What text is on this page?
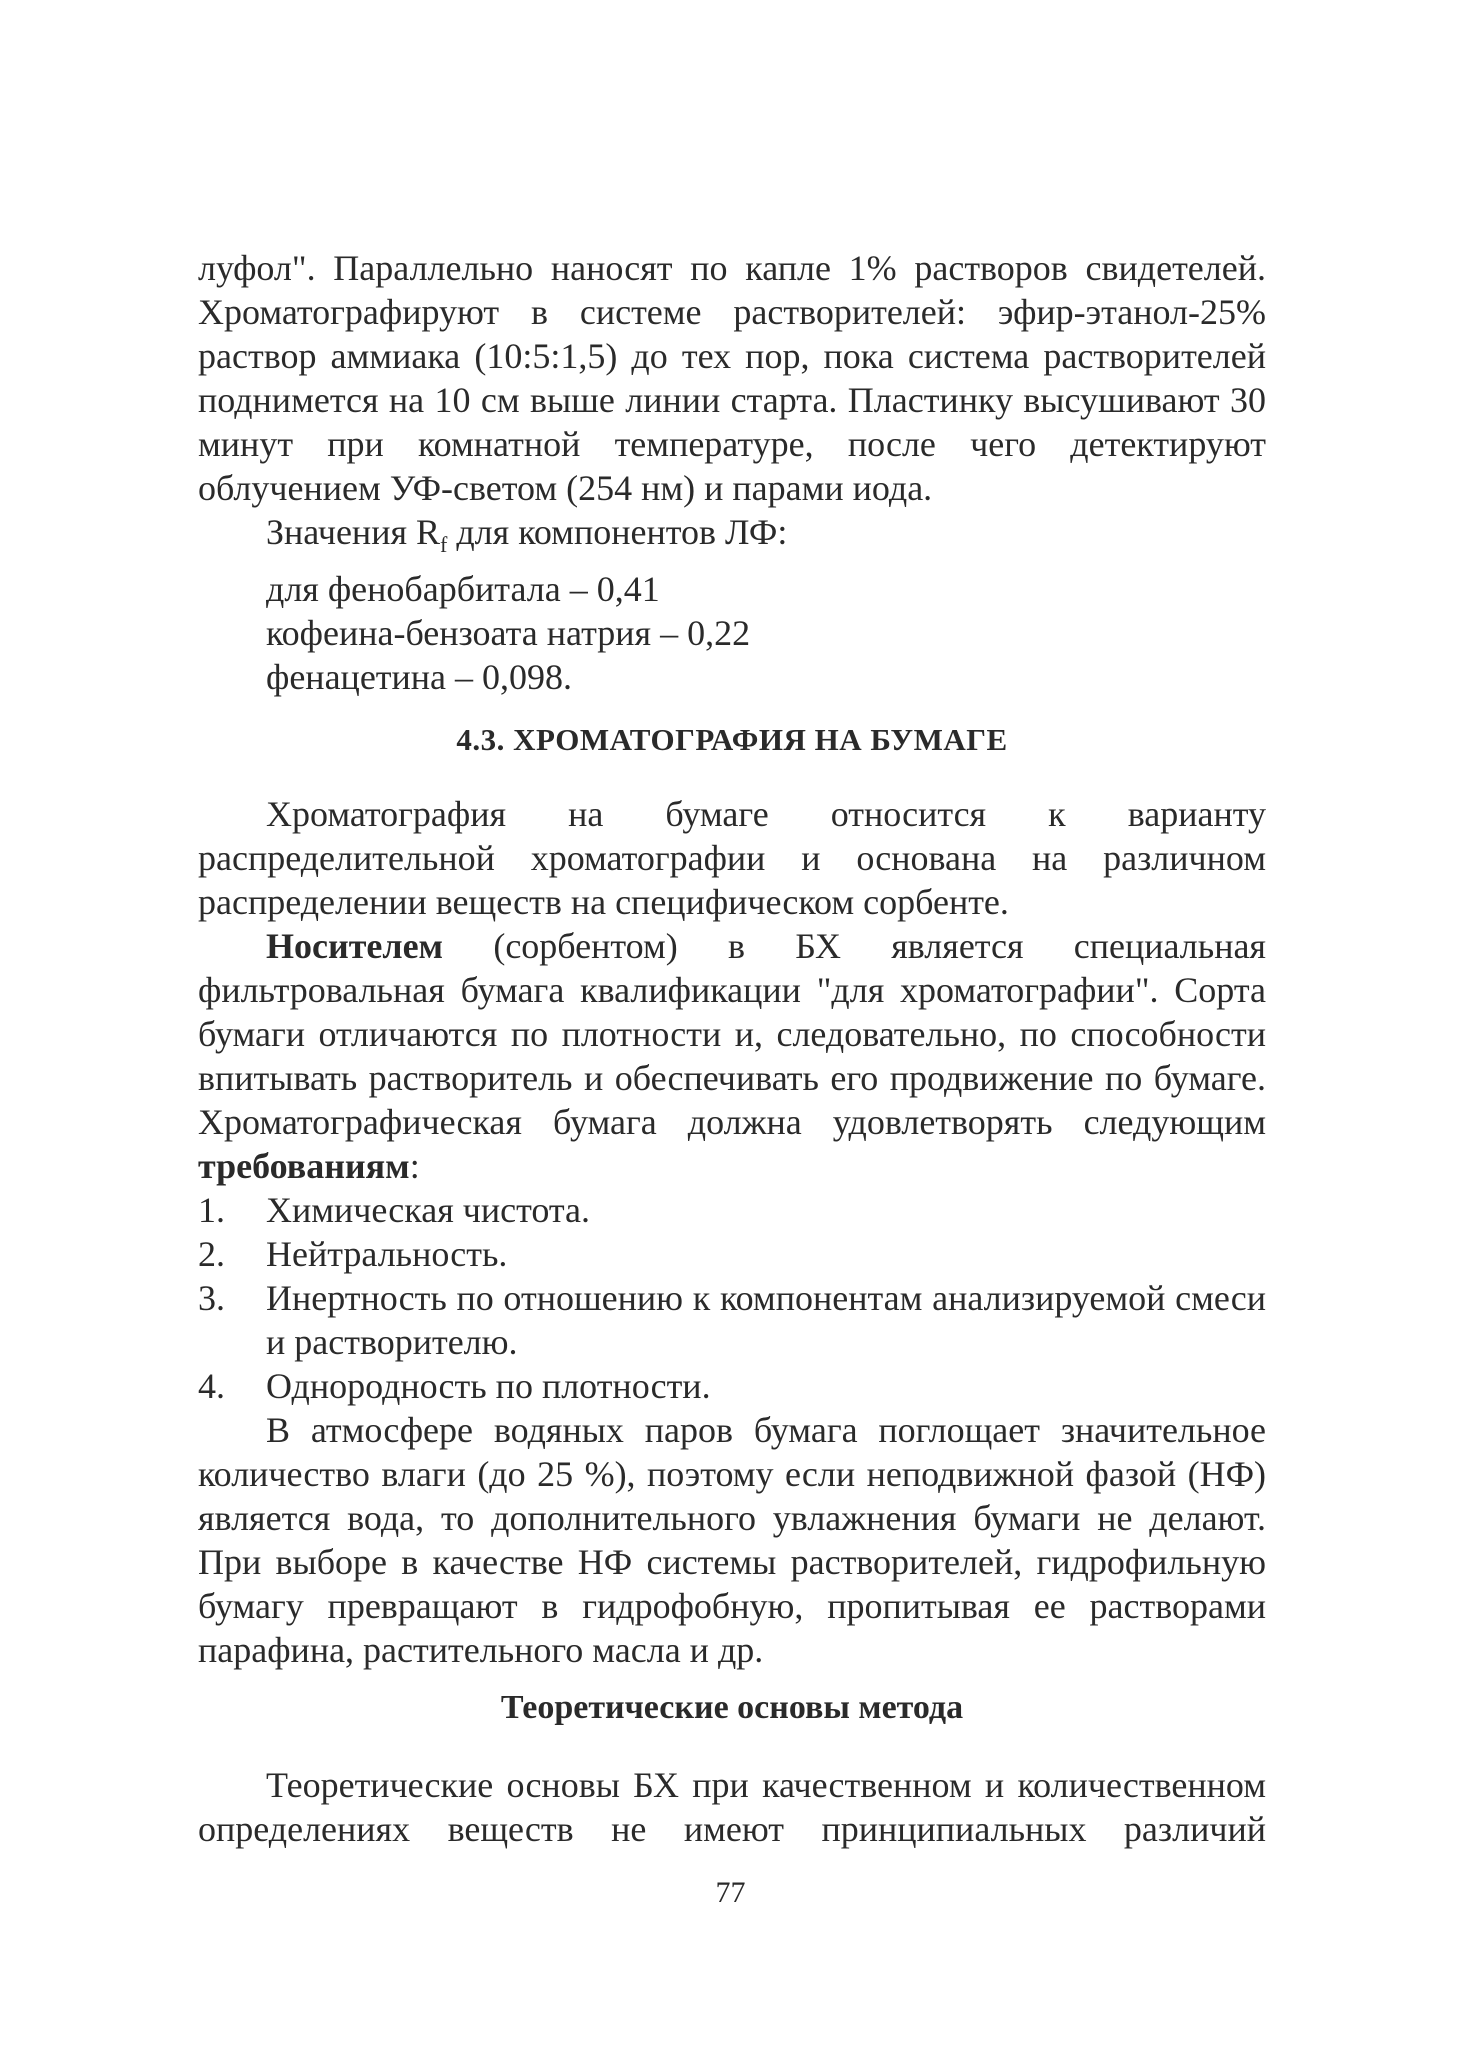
луфол". Параллельно наносят по капле 1% растворов свидетелей. Хроматографируют в системе растворителей: эфир-этанол-25% раствор аммиака (10:5:1,5) до тех пор, пока система растворителей поднимется на 10 см выше линии старта. Пластинку высушивают 30 минут при комнатной температуре, после чего детектируют облучением УФ-светом (254 нм) и парами иода.

Значения $R_f$ для компонентов ЛФ:
для фенобарбитала – 0,41
кофеина-бензоата натрия – 0,22
фенацетина – 0,098.
4.3. ХРОМАТОГРАФИЯ НА БУМАГЕ

Хроматография на бумаге относится к варианту распределительной хроматографии и основана на различном распределении веществ на специфическом сорбенте.

Носителем (сорбентом) в БХ является специальная фильтровальная бумага квалификации "для хроматографии". Сорта бумаги отличаются по плотности и, следовательно, по способности впитывать растворитель и обеспечивать его продвижение по бумаге. Хроматографическая бумага должна удовлетворять следующим требованиям:

1. Химическая чистота.
2. Нейтральность.
3. Инертность по отношению к компонентам анализируемой смеси и растворителю.
4. Однородность по плотности.

В атмосфере водяных паров бумага поглощает значительное количество влаги (до 25 %), поэтому если неподвижной фазой (НФ) является вода, то дополнительного увлажнения бумаги не делают. При выборе в качестве НФ системы растворителей, гидрофильную бумагу превращают в гидрофобную, пропитывая ее растворами парафина, растительного масла и др.

Теоретические основы метода

Теоретические основы БХ при качественном и количественном определениях веществ не имеют принципиальных различий

77
